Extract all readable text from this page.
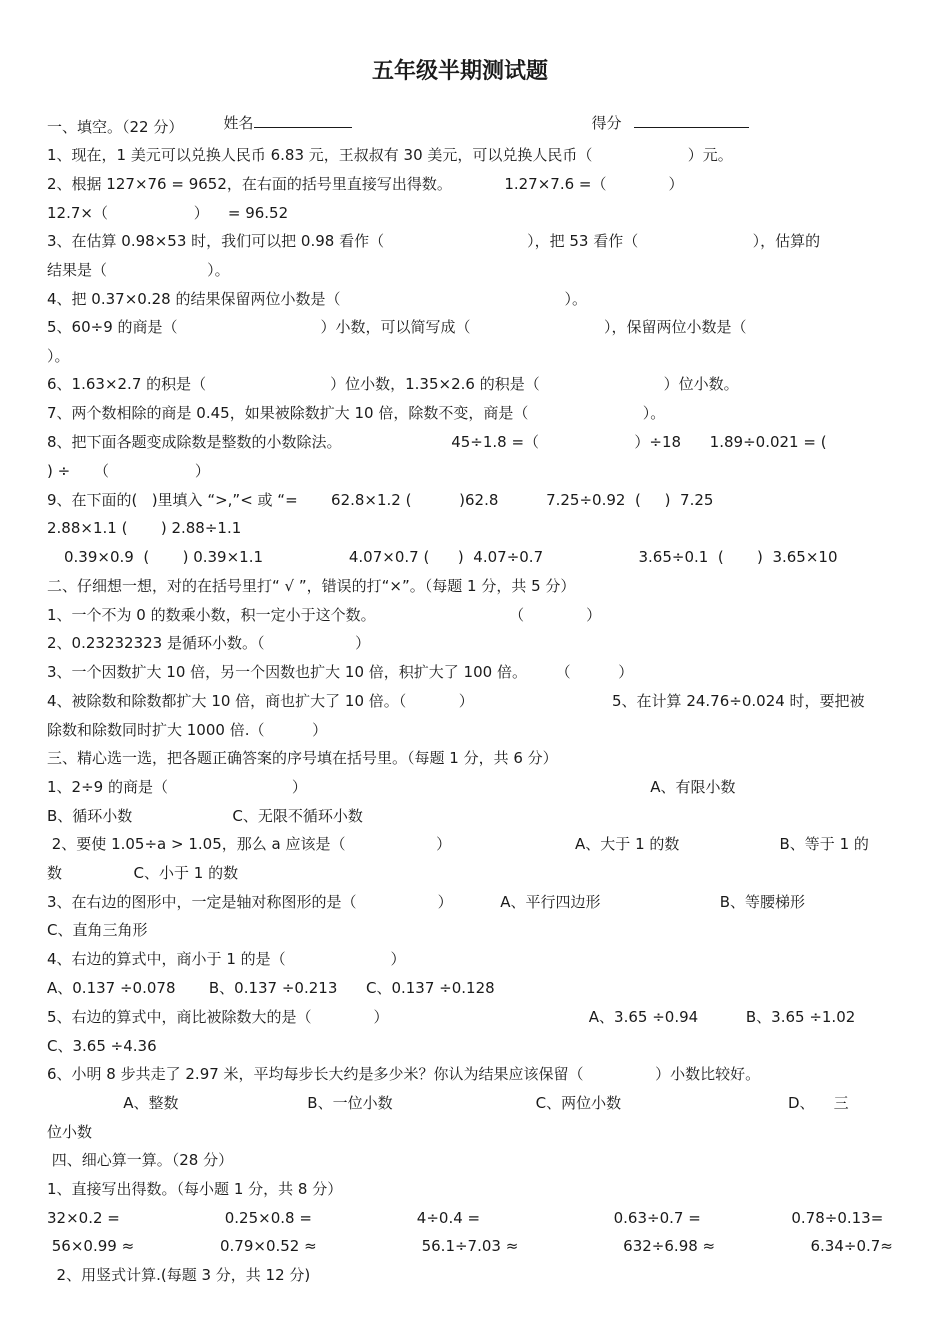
五年级半期测试题

姓名	得分

一、填空。（22 分）
1、现在，1 美元可以兑换人民币 6.83 元，王叔叔有 30 美元，可以兑换人民币（                    ）元。
2、根据 127×76 = 9652，在右面的括号里直接写出得数。           1.27×7.6 =（             ）
12.7×（                  ）    = 96.52
3、在估算 0.98×53 时，我们可以把 0.98 看作（                              ），把 53 看作（                        ），估算的
结果是（                     ）。
4、把 0.37×0.28 的结果保留两位小数是（                                               ）。
5、60÷9 的商是（                              ）小数，可以简写成（                            ），保留两位小数是（
）。
6、1.63×2.7 的积是（                          ）位小数，1.35×2.6 的积是（                          ）位小数。
7、两个数相除的商是 0.45，如果被除数扩大 10 倍，除数不变，商是（                        ）。
8、把下面各题变成除数是整数的小数除法。                       45÷1.8 =（                    ）÷18      1.89÷0.021 = (
) ÷     （                  ）
9、在下面的(   )里填入 “>,”< 或 “=       62.8×1.2 (          )62.8          7.25÷0.92  (     )  7.25
2.88×1.1 (       ) 2.88÷1.1
0.39×0.9  (       ) 0.39×1.1                  4.07×0.7 (      )  4.07÷0.7                    3.65÷0.1  (       )  3.65×10
二、仔细想一想，对的在括号里打“ √ ”，错误的打“×”。（每题 1 分，共 5 分）
1、一个不为 0 的数乘小数，积一定小于这个数。                            （             ）
2、0.23232323 是循环小数。（                   ）
3、一个因数扩大 10 倍，另一个因数也扩大 10 倍，积扩大了 100 倍。      （          ）
4、被除数和除数都扩大 10 倍，商也扩大了 10 倍。（           ）                             5、在计算 24.76÷0.024 时，要把被
除数和除数同时扩大 1000 倍.（          ）
三、精心选一选，把各题正确答案的序号填在括号里。（每题 1 分，共 6 分）
1、2÷9 的商是（                          ）                                                                        A、有限小数
B、循环小数                     C、无限不循环小数
2、要使 1.05÷a > 1.05，那么 a 应该是（                   ）                          A、大于 1 的数                     B、等于 1 的
数               C、小于 1 的数
3、在右边的图形中，一定是轴对称图形的是（                 ）          A、平行四边形                         B、等腰梯形
C、直角三角形
4、右边的算式中，商小于 1 的是（                      ）
A、0.137 ÷0.078       B、0.137 ÷0.213      C、0.137 ÷0.128
5、右边的算式中，商比被除数大的是（             ）                                          A、3.65 ÷0.94          B、3.65 ÷1.02
C、3.65 ÷4.36
6、小明 8 步共走了 2.97 米，平均每步长大约是多少米？你认为结果应该保留（               ）小数比较好。
A、整数                           B、一位小数                              C、两位小数                                   D、    三
位小数
四、细心算一算。（28 分）
1、直接写出得数。（每小题 1 分，共 8 分）
32×0.2 =                      0.25×0.8 =                      4÷0.4 =                            0.63÷0.7 =                   0.78÷0.13=
56×0.99 ≈                  0.79×0.52 ≈                      56.1÷7.03 ≈                      632÷6.98 ≈                    6.34÷0.7≈
2、用竖式计算.(每题 3 分，共 12 分)
